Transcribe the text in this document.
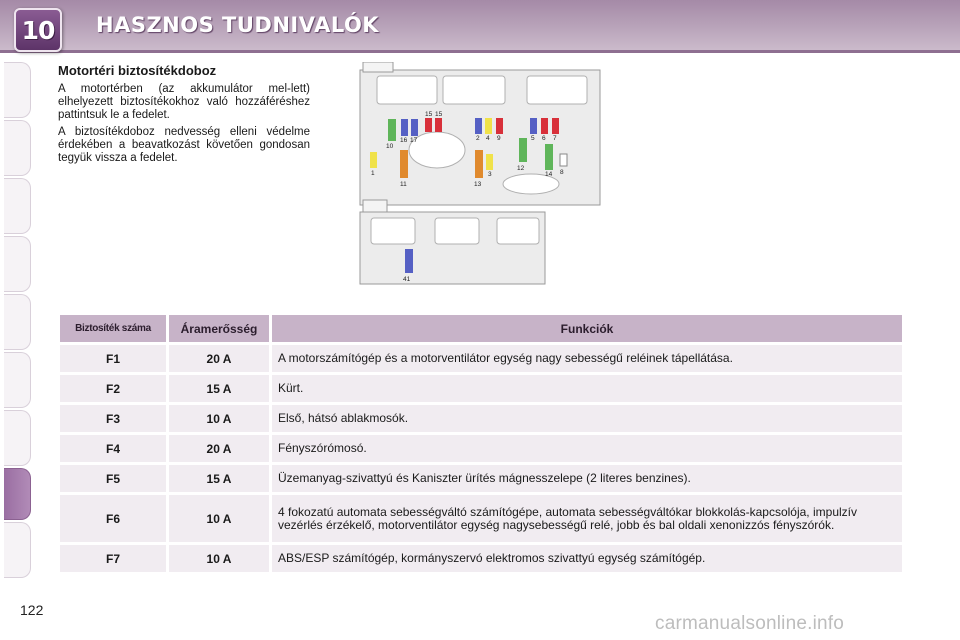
10 HASZNOS TUDNIVALÓK
Motortéri biztosítékdoboz
A motortérben (az akkumulátor mel-lett) elhelyezett biztosítékokhoz való hozzáféréshez pattintsuk le a fedelet.
A biztosítékdoboz nedvesség elleni védelme érdekében a beavatkozást követően gondosan tegyük vissza a fedelet.
15 15
16 17
10
1
11
2 4 9
13
3
5 6 7
12
14 8
41
Biztosíték száma	Áramerősség	Funkciók
F1	20 A	A motorszámítógép és a motorventilátor egység nagy sebességű reléinek tápellátása.
F2	15 A	Kürt.
F3	10 A	Első, hátsó ablakmosók.
F4	20 A	Fényszórómosó.
F5	15 A	Üzemanyag-szivattyú és Kaniszter ürítés mágnesszelepe (2 literes benzines).
F6	10 A	4 fokozatú automata sebességváltó számítógépe, automata sebességváltókar blokkolás-kapcsolója, impulzív vezérlés érzékelő, motorventilátor egység nagysebességű relé, jobb és bal oldali xenonizzós fényszórók.
F7	10 A	ABS/ESP számítógép, kormányszervó elektromos szivattyú egység számítógép.
122
carmanualsonline.info
